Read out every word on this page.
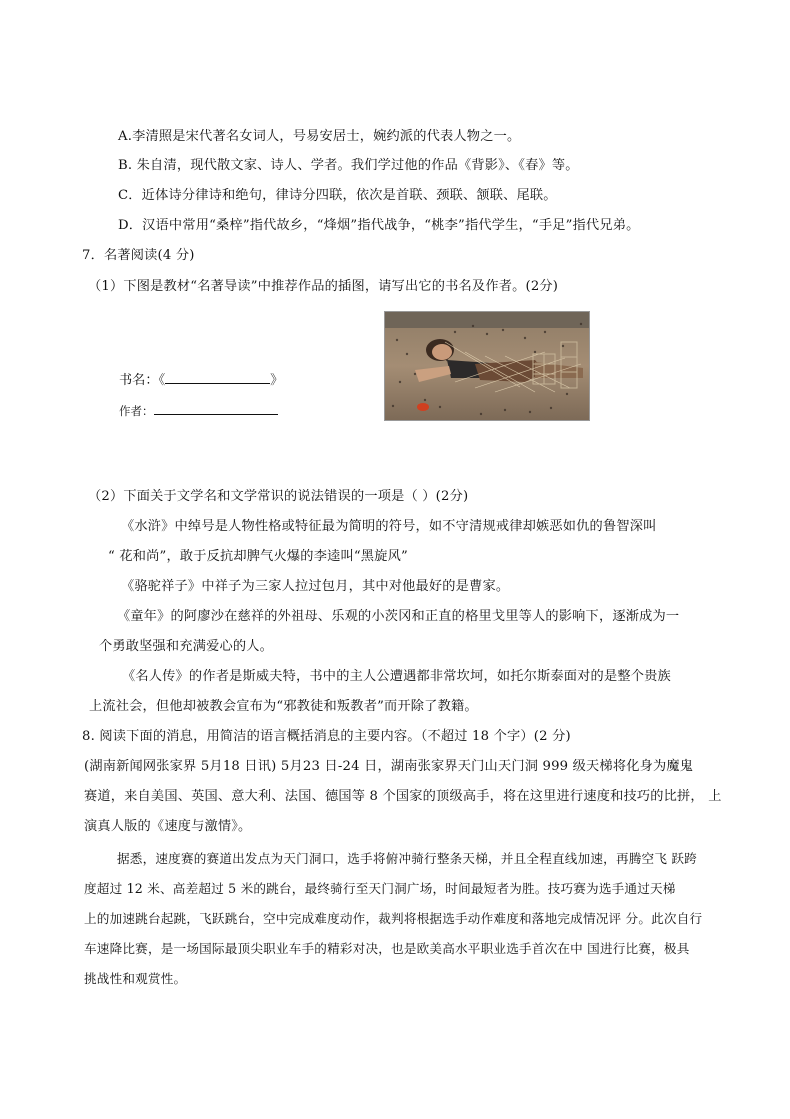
A.李清照是宋代著名女词人，号易安居士，婉约派的代表人物之一。
B. 朱自清，现代散文家、诗人、学者。我们学过他的作品《背影》、《春》等。
C．近体诗分律诗和绝句，律诗分四联，依次是首联、颈联、颔联、尾联。
D．汉语中常用“桑梓”指代故乡，“烽烟”指代战争，“桃李”指代学生，“手足”指代兄弟。
7．名著阅读(4 分)
（1）下图是教材“名著导读”中推荐作品的插图，请写出它的书名及作者。(2分)
书名：《	》
作者：
（2）下面关于文学名和文学常识的说法错误的一项是（ ）(2分)
《水浒》中绰号是人物性格或特征最为简明的符号，如不守清规戒律却嫉恶如仇的鲁智深叫
“ 花和尚”，敢于反抗却脾气火爆的李逵叫“黑旋风”
《骆驼祥子》中祥子为三家人拉过包月，其中对他最好的是曹家。
《童年》的阿廖沙在慈祥的外祖母、乐观的小茨冈和正直的格里戈里等人的影响下，逐渐成为一
个勇敢坚强和充满爱心的人。
《名人传》的作者是斯威夫特，书中的主人公遭遇都非常坎坷，如托尔斯泰面对的是整个贵族
上流社会，但他却被教会宣布为“邪教徒和叛教者”而开除了教籍。
8. 阅读下面的消息，用简洁的语言概括消息的主要内容。（不超过 18 个字）(2 分)
(湖南新闻网张家界 5月18 日讯) 5月23 日-24 日，湖南张家界天门山天门洞 999 级天梯将化身为魔鬼
赛道，来自美国、英国、意大利、法国、德国等 8 个国家的顶级高手，将在这里进行速度和技巧的比拼， 上
演真人版的《速度与激情》。
据悉，速度赛的赛道出发点为天门洞口，选手将俯冲骑行整条天梯，并且全程直线加速，再腾空飞 跃跨
度超过 12 米、高差超过 5 米的跳台，最终骑行至天门洞广场，时间最短者为胜。技巧赛为选手通过天梯
上的加速跳台起跳，飞跃跳台，空中完成难度动作，裁判将根据选手动作难度和落地完成情况评 分。此次自行
车速降比赛，是一场国际最顶尖职业车手的精彩对决，也是欧美高水平职业选手首次在中 国进行比赛，极具
挑战性和观赏性。
